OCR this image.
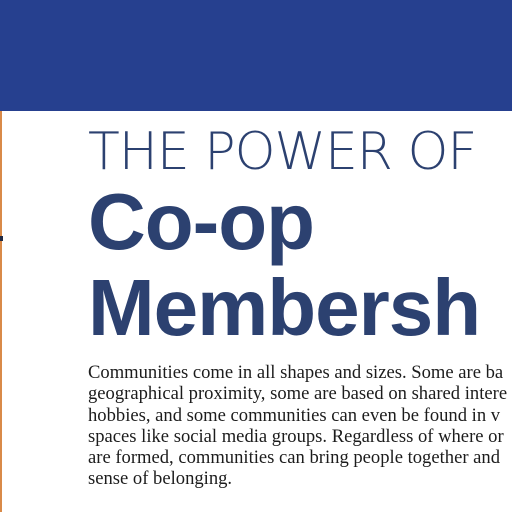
THE POWER OF
Co-op
Membersh
Communities come in all shapes and sizes. Some are ba
geographical proximity, some are based on shared intere
hobbies, and some communities can even be found in v
spaces like social media groups. Regardless of where or
are formed, communities can bring people together and
sense of belonging.
